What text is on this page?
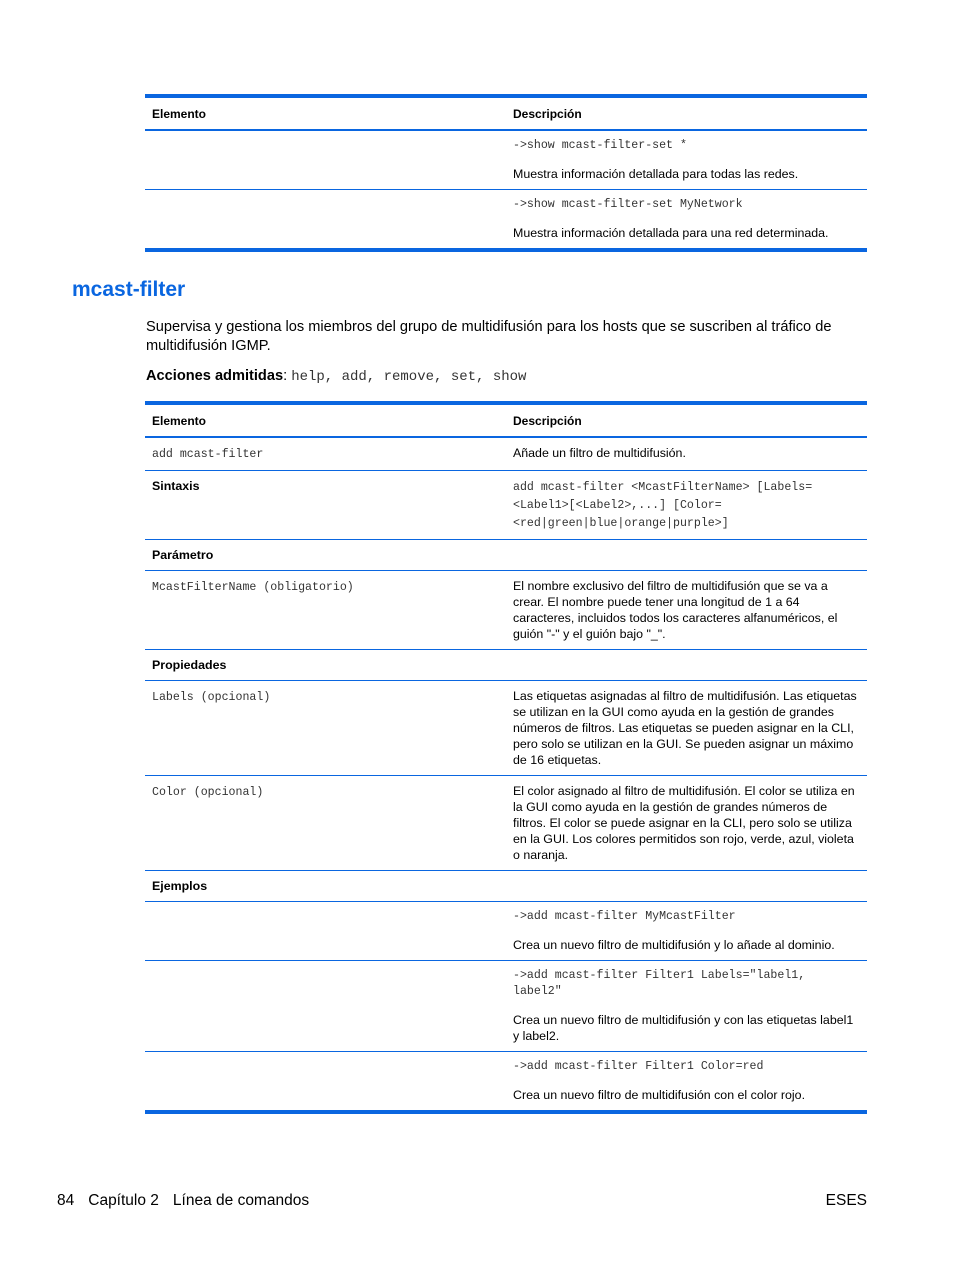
Elemento	Descripción

	->show mcast-filter-set *

Muestra información detallada para todas las redes.

	->show mcast-filter-set MyNetwork

Muestra información detallada para una red determinada.

mcast-filter

Supervisa y gestiona los miembros del grupo de multidifusión para los hosts que se suscriben al tráfico de multidifusión IGMP.

Acciones admitidas: help, add, remove, set, show

Elemento	Descripción
add mcast-filter	Añade un filtro de multidifusión.
Sintaxis	add mcast-filter <McastFilterName> [Labels=<Label1>[<Label2>,...] [Color=<red|green|blue|orange|purple>]
Parámetro	
McastFilterName (obligatorio)	El nombre exclusivo del filtro de multidifusión que se va a crear. El nombre puede tener una longitud de 1 a 64 caracteres, incluidos todos los caracteres alfanuméricos, el guión "-" y el guión bajo "_".
Propiedades	
Labels (opcional)	Las etiquetas asignadas al filtro de multidifusión. Las etiquetas se utilizan en la GUI como ayuda en la gestión de grandes números de filtros. Las etiquetas se pueden asignar en la CLI, pero solo se utilizan en la GUI. Se pueden asignar un máximo de 16 etiquetas.
Color (opcional)	El color asignado al filtro de multidifusión. El color se utiliza en la GUI como ayuda en la gestión de grandes números de filtros. El color se puede asignar en la CLI, pero solo se utiliza en la GUI. Los colores permitidos son rojo, verde, azul, violeta o naranja.
Ejemplos	

	->add mcast-filter MyMcastFilter

Crea un nuevo filtro de multidifusión y lo añade al dominio.

	->add mcast-filter Filter1 Labels="label1, label2"

Crea un nuevo filtro de multidifusión y con las etiquetas label1 y label2.

	->add mcast-filter Filter1 Color=red

Crea un nuevo filtro de multidifusión con el color rojo.

84 Capítulo 2 Línea de comandos	ESES
